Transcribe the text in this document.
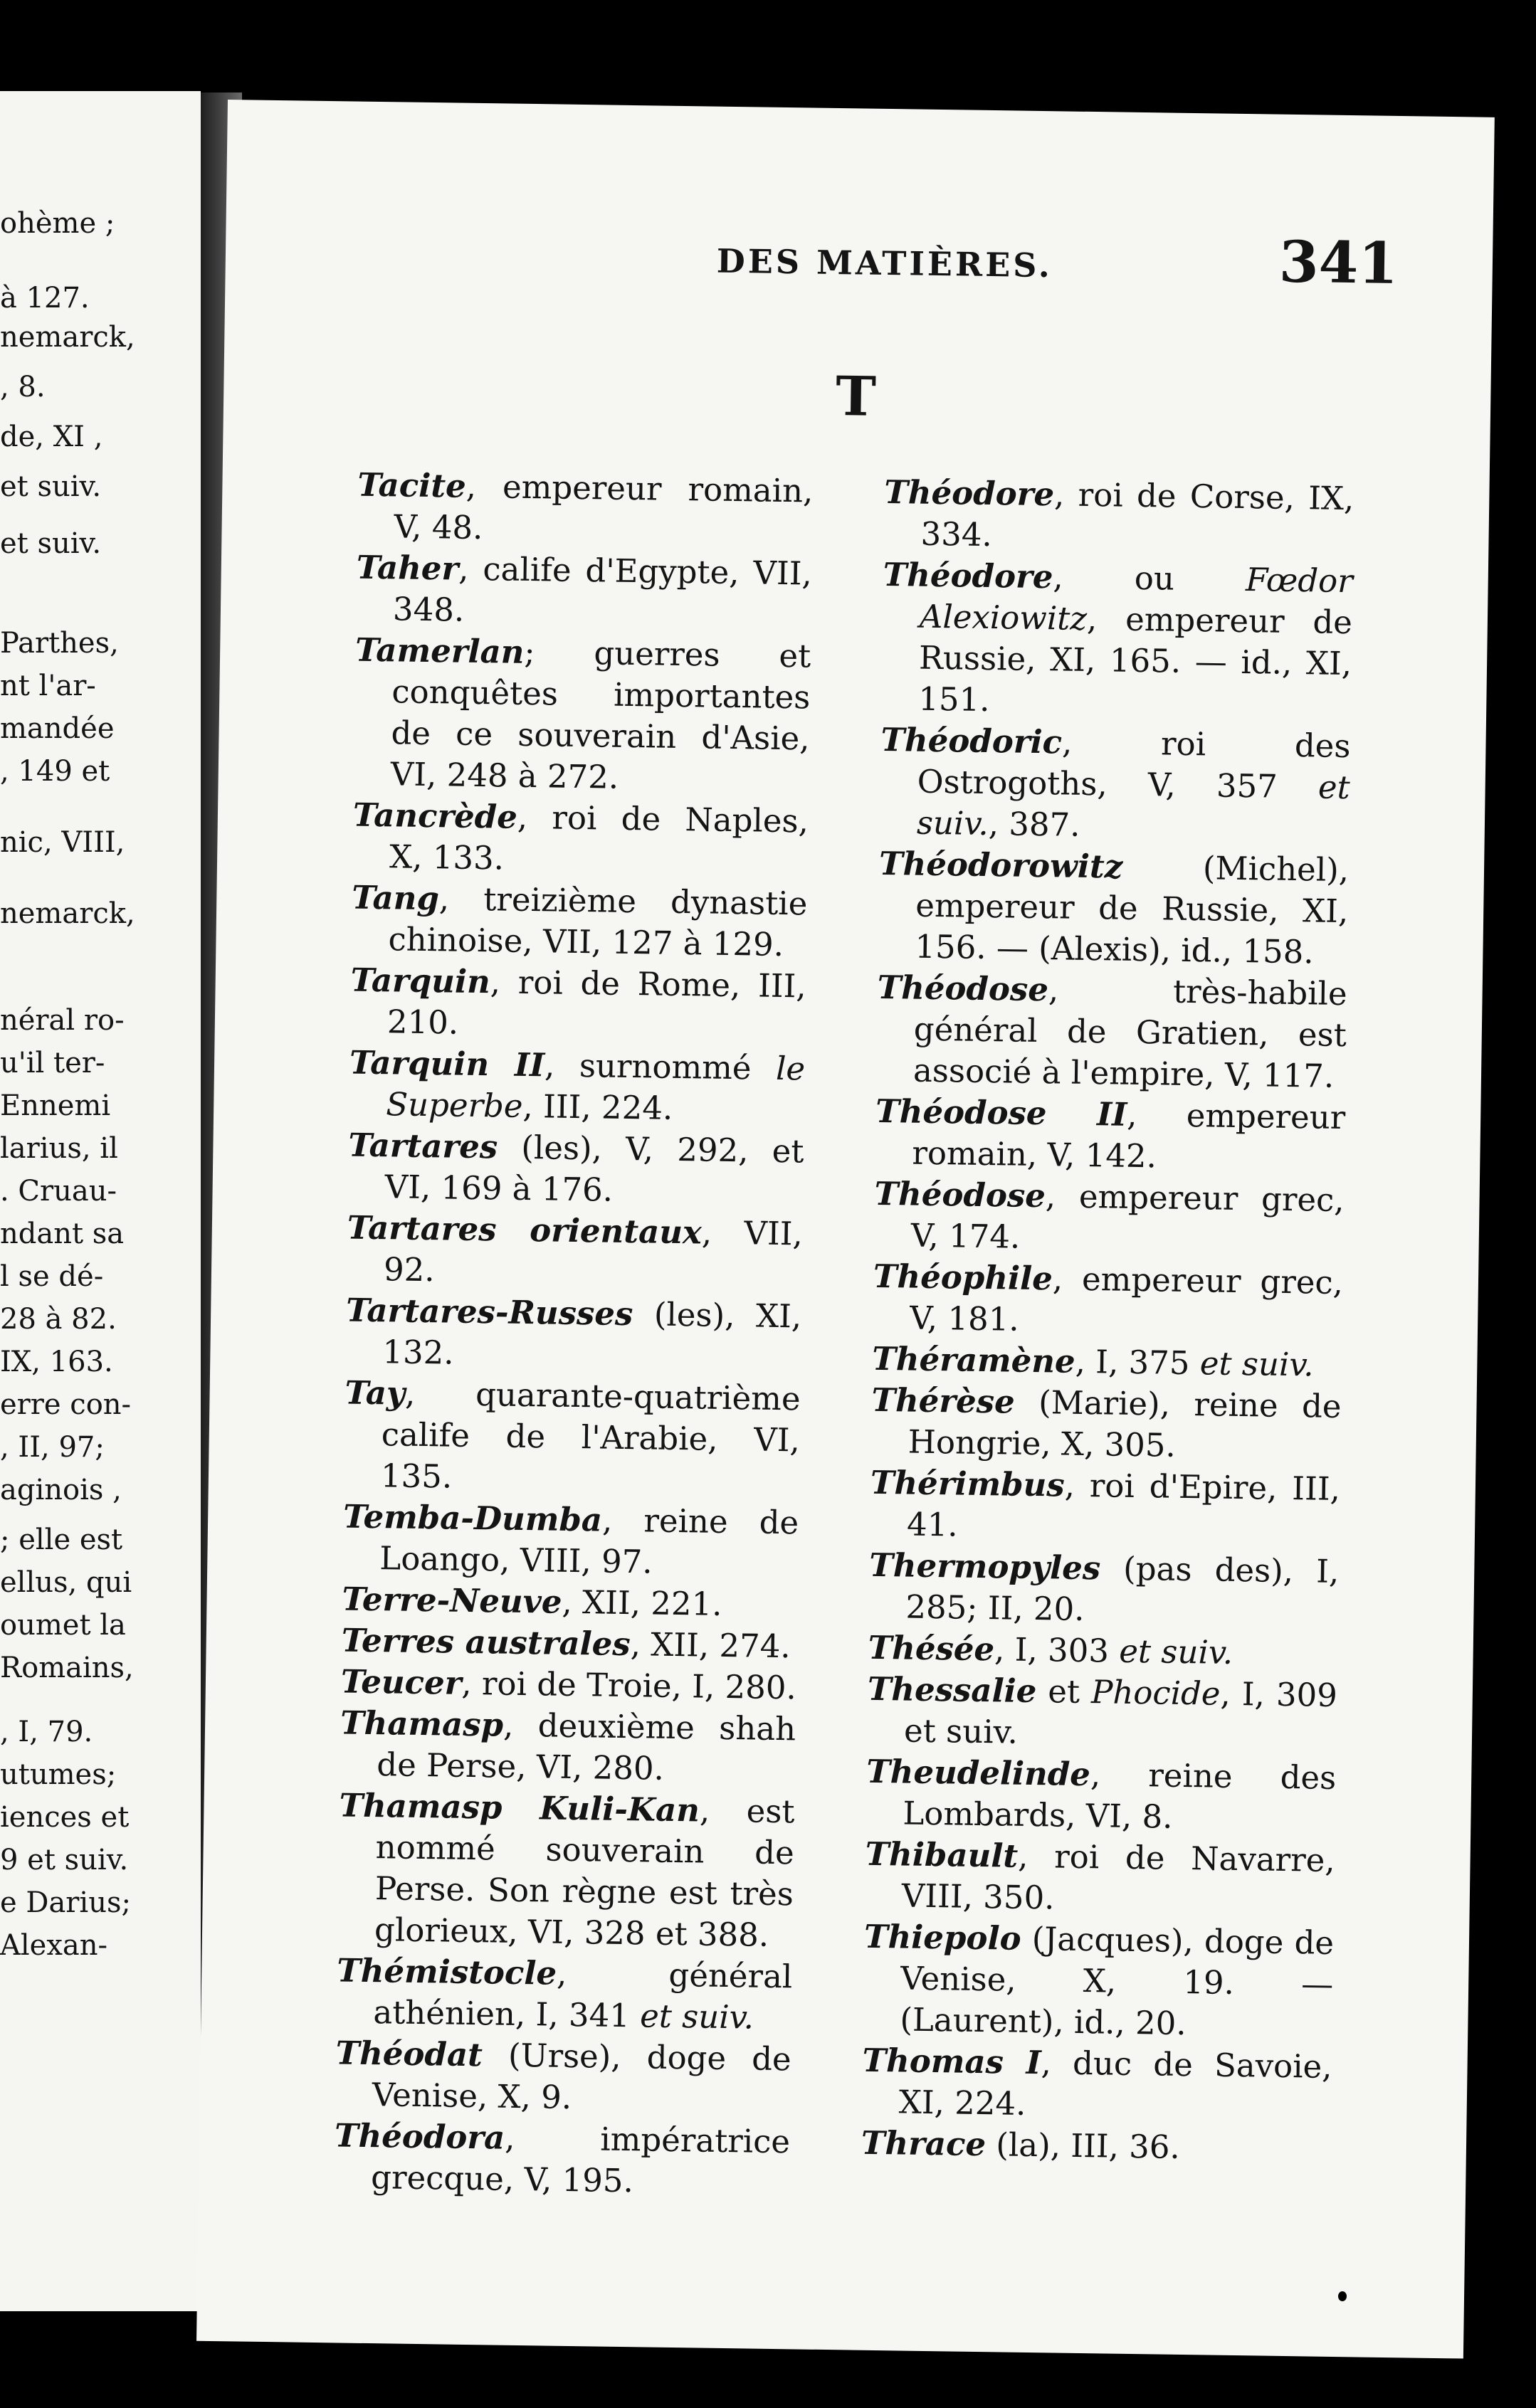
ohème ;
à 127.
nemarck,
, 8.
de, XI ,
et suiv.
et suiv.
Parthes,
nt l'ar-
mandée
, 149 et
nic, VIII,
nemarck,
néral ro-
u'il ter-
Ennemi
larius, il
. Cruau-
ndant sa
l se dé-
28 à 82.
IX, 163.
erre con-
, II, 97;
aginois ,
; elle est
ellus, qui
oumet la
Romains,
, I, 79.
utumes;
iences et
9 et suiv.
e Darius;
Alexan-
DES MATIÈRES.	341
T

Tacite, empereur romain, V, 48.

Taher, calife d'Egypte, VII, 348.

Tamerlan; guerres et conquêtes importantes de ce souverain d'Asie, VI, 248 à 272.

Tancrède, roi de Naples, X, 133.

Tang, treizième dynastie chinoise, VII, 127 à 129.

Tarquin, roi de Rome, III, 210.

Tarquin II, surnommé le Superbe, III, 224.

Tartares (les), V, 292, et VI, 169 à 176.

Tartares orientaux, VII, 92.

Tartares-Russes (les), XI, 132.

Tay, quarante-quatrième calife de l'Arabie, VI, 135.

Temba-Dumba, reine de Loango, VIII, 97.

Terre-Neuve, XII, 221.

Terres australes, XII, 274.

Teucer, roi de Troie, I, 280.

Thamasp, deuxième shah de Perse, VI, 280.

Thamasp Kuli-Kan, est nommé souverain de Perse. Son règne est très glorieux, VI, 328 et 388.

Thémistocle, général athénien, I, 341 et suiv.

Théodat (Urse), doge de Venise, X, 9.

Théodora, impératrice grecque, V, 195.

Théodore, roi de Corse, IX, 334.

Théodore, ou Fœdor Alexiowitz, empereur de Russie, XI, 165. — id., XI, 151.

Théodoric, roi des Ostrogoths, V, 357 et suiv., 387.

Théodorowitz (Michel), empereur de Russie, XI, 156. — (Alexis), id., 158.

Théodose, très-habile général de Gratien, est associé à l'empire, V, 117.

Théodose II, empereur romain, V, 142.

Théodose, empereur grec, V, 174.

Théophile, empereur grec, V, 181.

Théramène, I, 375 et suiv.

Thérèse (Marie), reine de Hongrie, X, 305.

Thérimbus, roi d'Epire, III, 41.

Thermopyles (pas des), I, 285; II, 20.

Thésée, I, 303 et suiv.

Thessalie et Phocide, I, 309 et suiv.

Theudelinde, reine des Lombards, VI, 8.

Thibault, roi de Navarre, VIII, 350.

Thiepolo (Jacques), doge de Venise, X, 19. — (Laurent), id., 20.

Thomas I, duc de Savoie, XI, 224.

Thrace (la), III, 36.
